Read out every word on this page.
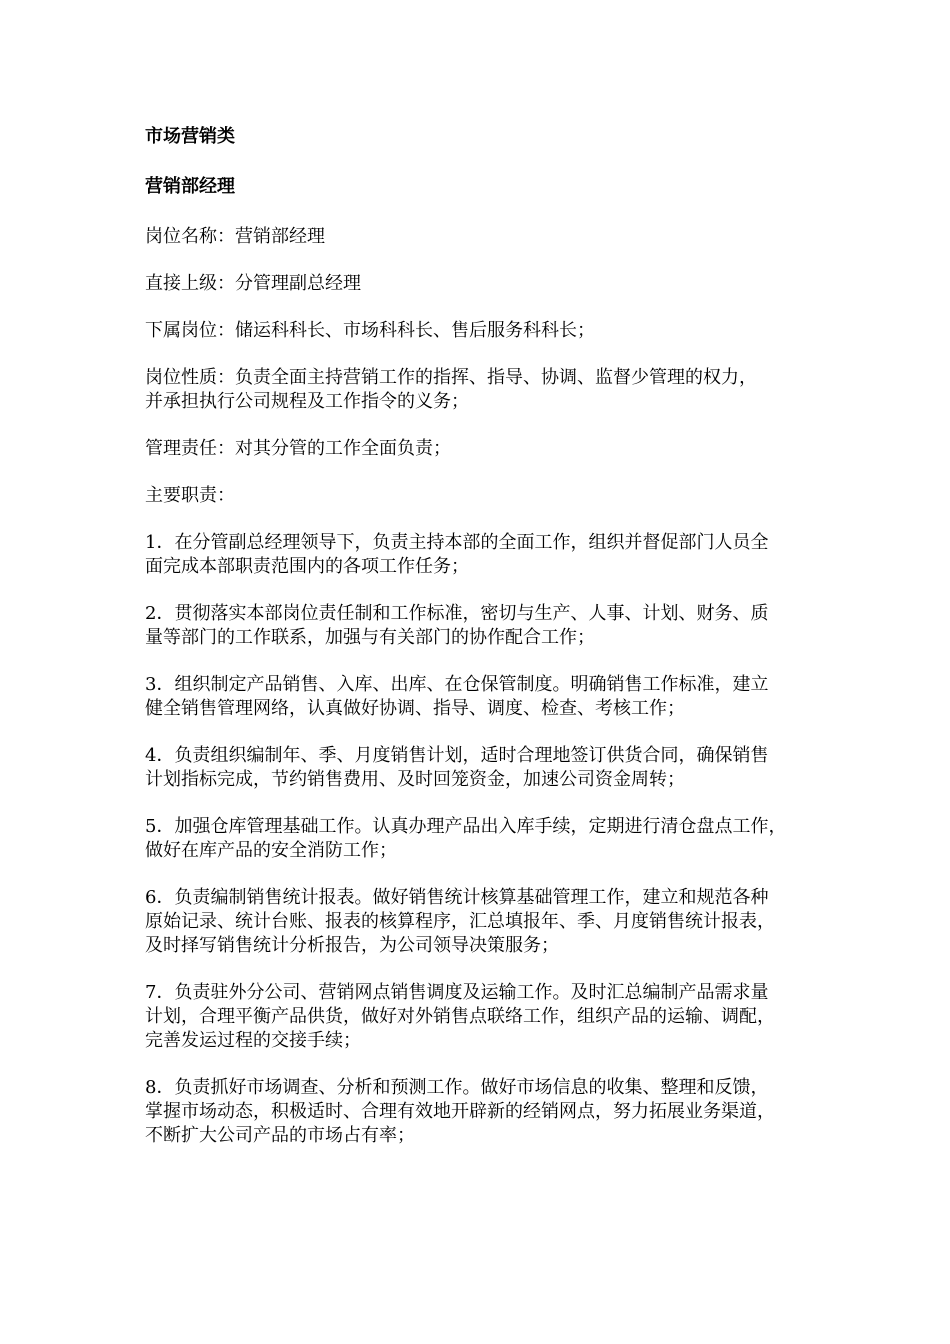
市场营销类

营销部经理

岗位名称：营销部经理

直接上级：分管理副总经理

下属岗位：储运科科长、市场科科长、售后服务科科长；

岗位性质：负责全面主持营销工作的指挥、指导、协调、监督少管理的权力，
并承担执行公司规程及工作指令的义务；

管理责任：对其分管的工作全面负责；

主要职责：

1．在分管副总经理领导下，负责主持本部的全面工作，组织并督促部门人员全
面完成本部职责范围内的各项工作任务；

2．贯彻落实本部岗位责任制和工作标准，密切与生产、人事、计划、财务、质
量等部门的工作联系，加强与有关部门的协作配合工作；

3．组织制定产品销售、入库、出库、在仓保管制度。明确销售工作标准，建立
健全销售管理网络，认真做好协调、指导、调度、检查、考核工作；

4．负责组织编制年、季、月度销售计划，适时合理地签订供货合同，确保销售
计划指标完成，节约销售费用、及时回笼资金，加速公司资金周转；

5．加强仓库管理基础工作。认真办理产品出入库手续，定期进行清仓盘点工作，
做好在库产品的安全消防工作；

6．负责编制销售统计报表。做好销售统计核算基础管理工作，建立和规范各种
原始记录、统计台账、报表的核算程序，汇总填报年、季、月度销售统计报表，
及时择写销售统计分析报告，为公司领导决策服务；

7．负责驻外分公司、营销网点销售调度及运输工作。及时汇总编制产品需求量
计划，合理平衡产品供货，做好对外销售点联络工作，组织产品的运输、调配，
完善发运过程的交接手续；

8．负责抓好市场调查、分析和预测工作。做好市场信息的收集、整理和反馈，
掌握市场动态，积极适时、合理有效地开辟新的经销网点，努力拓展业务渠道，
不断扩大公司产品的市场占有率；
